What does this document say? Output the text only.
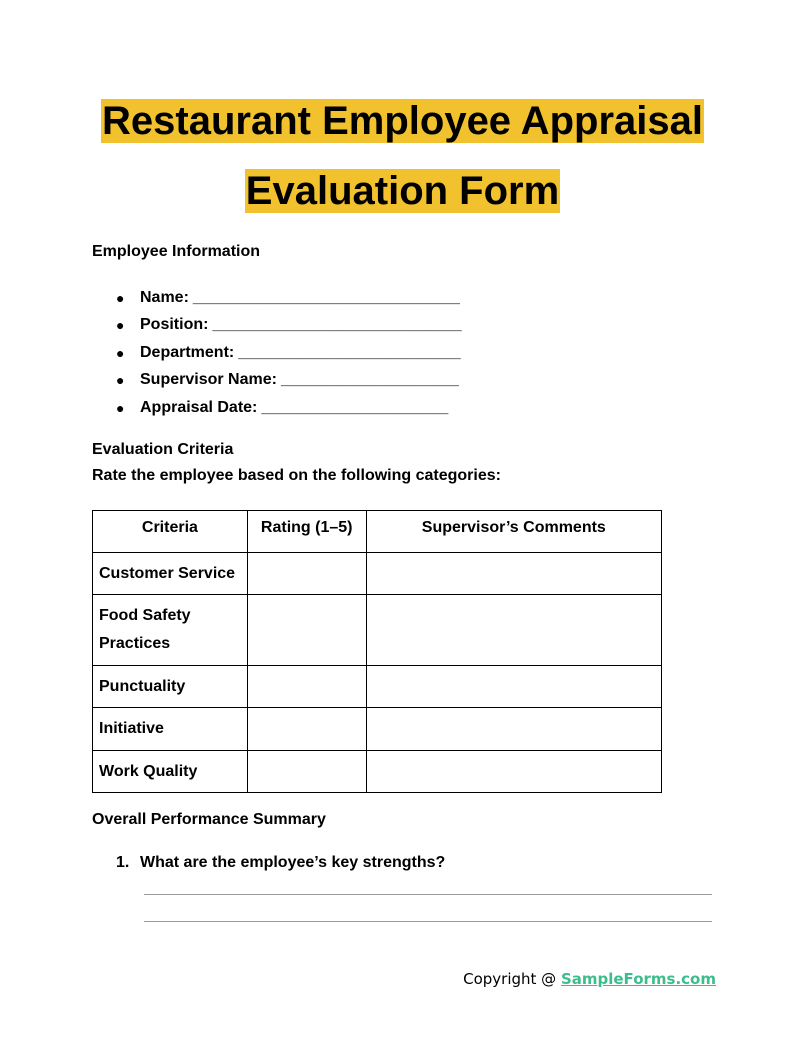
Restaurant Employee Appraisal
Evaluation Form
Employee Information
● Name: ______________________________
● Position: ____________________________
● Department: _________________________
● Supervisor Name: ____________________
● Appraisal Date: _____________________
Evaluation Criteria
Rate the employee based on the following categories:
Criteria	Rating (1–5)	Supervisor’s Comments
Customer Service		
Food Safety Practices		
Punctuality		
Initiative		
Work Quality		
Overall Performance Summary
1. What are the employee’s key strengths?
Copyright @ SampleForms.com
